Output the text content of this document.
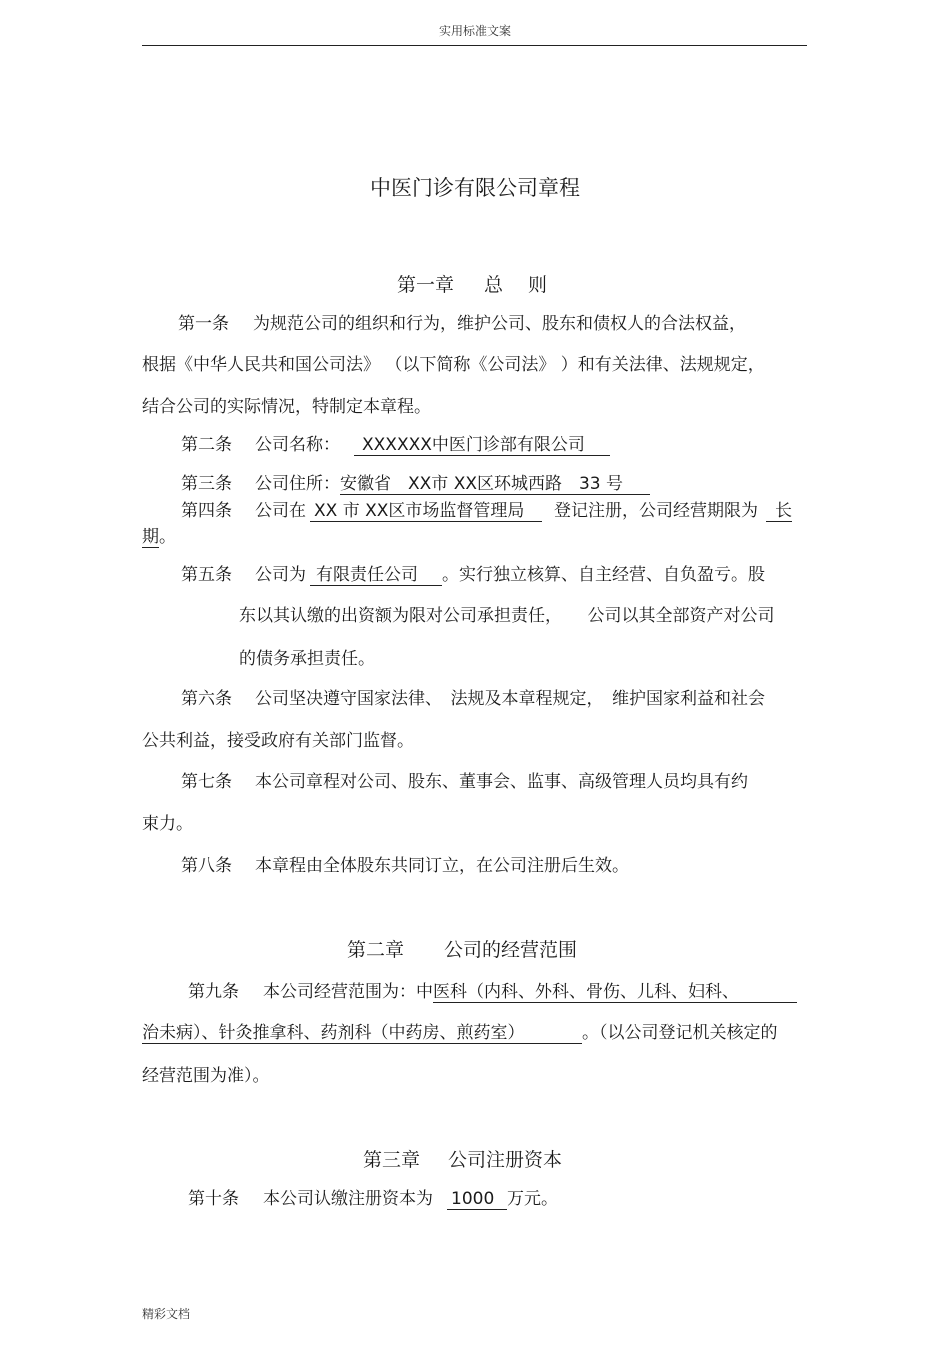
实用标准文案
中医门诊有限公司章程
第一章 总 则
第一条 为规范公司的组织和行为，维护公司、股东和债权人的合法权益，
根据《中华人民共和国公司法》 （以下简称《公司法》 ）和有关法律、法规规定，
结合公司的实际情况，特制定本章程。
第二条 公司名称： XXXXXX中医门诊部有限公司
第三条 公司住所：安徽省　XX市 XX区环城西路　33 号
第四条 公司在 XX 市 XX区市场监督管理局 登记注册，公司经营期限为 长
期。
第五条 公司为 有限责任公司 。实行独立核算、自主经营、自负盈亏。股
东以其认缴的出资额为限对公司承担责任，　　公司以其全部资产对公司
的债务承担责任。
第六条 公司坚决遵守国家法律、　法规及本章程规定，　维护国家利益和社会
公共利益，接受政府有关部门监督。
第七条 本公司章程对公司、股东、董事会、监事、高级管理人员均具有约
束力。
第八条 本章程由全体股东共同订立，在公司注册后生效。
第二章 公司的经营范围
第九条 本公司经营范围为：中医科（内科、外科、骨伤、儿科、妇科、
治未病）、针灸推拿科、药剂科（中药房、煎药室）	。（以公司登记机关核定的
经营范围为准）。
第三章 公司注册资本
第十条 本公司认缴注册资本为 1000 万元。
精彩文档
